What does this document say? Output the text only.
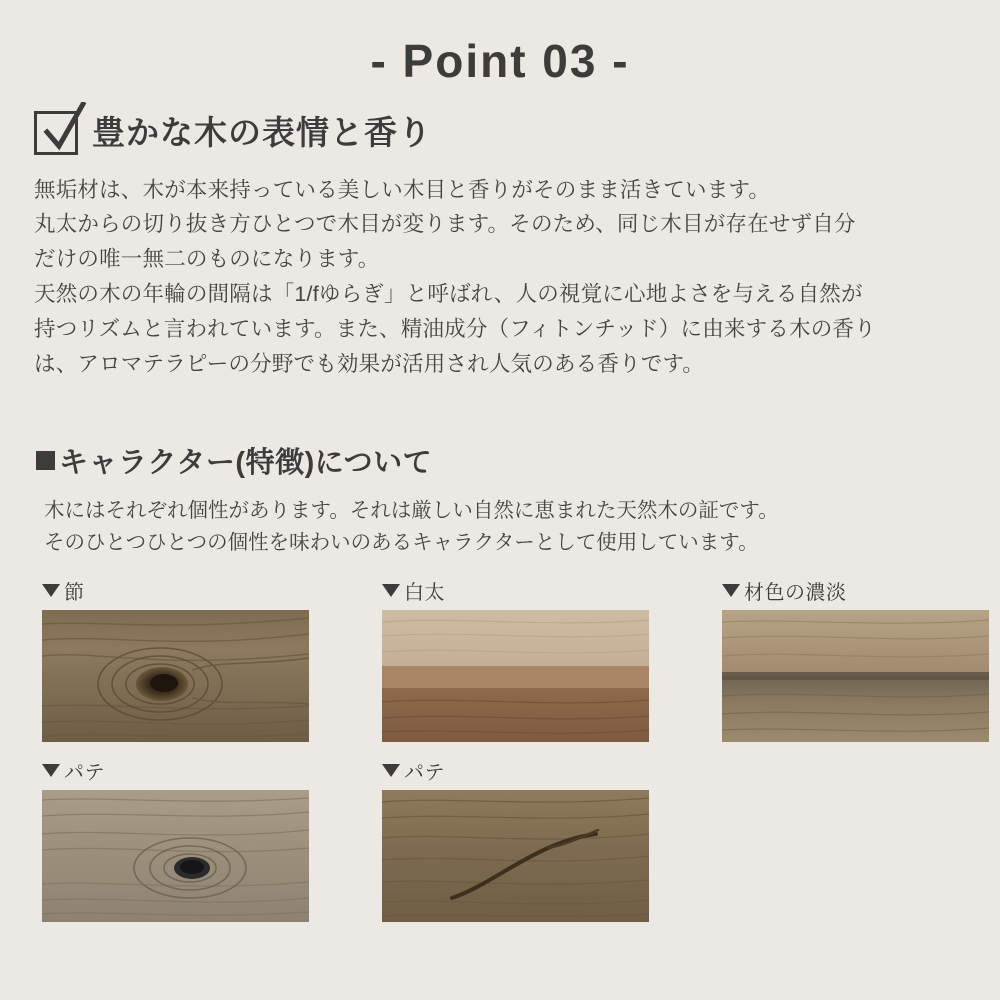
- Point 03 -
豊かな木の表情と香り

無垢材は、木が本来持っている美しい木目と香りがそのまま活きています。

丸太からの切り抜き方ひとつで木目が変ります。そのため、同じ木目が存在せず自分

だけの唯一無二のものになります。

天然の木の年輪の間隔は「1/fゆらぎ」と呼ばれ、人の視覚に心地よさを与える自然が

持つリズムと言われています。また、精油成分（フィトンチッド）に由来する木の香り

は、アロマテラピーの分野でも効果が活用され人気のある香りです。

キャラクター(特徴)について

木にはそれぞれ個性があります。それは厳しい自然に恵まれた天然木の証です。

そのひとつひとつの個性を味わいのあるキャラクターとして使用しています。

節	白太	材色の濃淡
パテ	パテ
